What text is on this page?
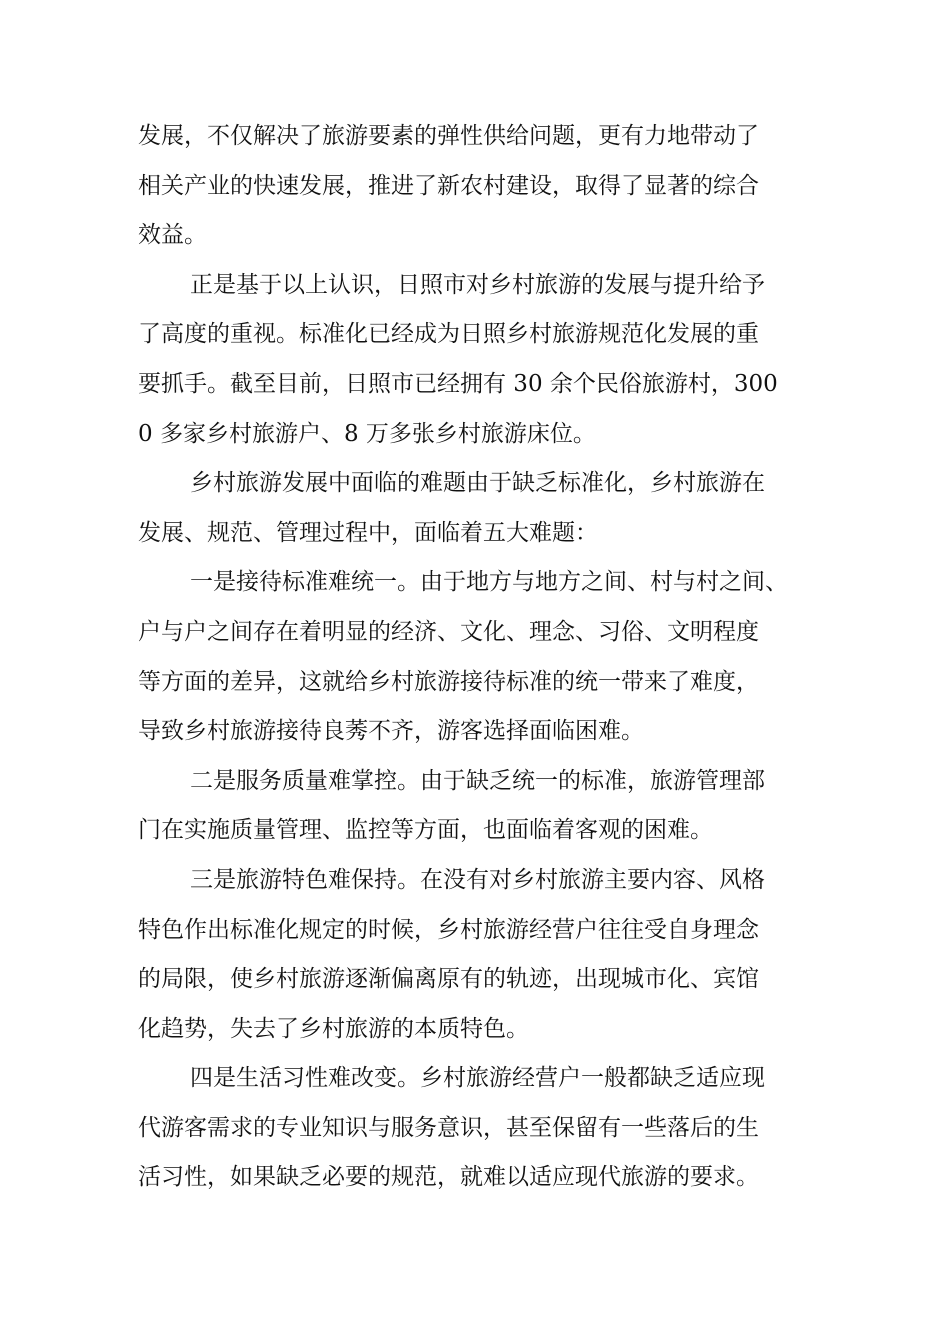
发展，不仅解决了旅游要素的弹性供给问题，更有力地带动了
相关产业的快速发展，推进了新农村建设，取得了显著的综合
效益。
正是基于以上认识，日照市对乡村旅游的发展与提升给予
了高度的重视。标准化已经成为日照乡村旅游规范化发展的重
要抓手。截至目前，日照市已经拥有 30 余个民俗旅游村，300
0 多家乡村旅游户、8 万多张乡村旅游床位。
乡村旅游发展中面临的难题由于缺乏标准化，乡村旅游在
发展、规范、管理过程中，面临着五大难题：
一是接待标准难统一。由于地方与地方之间、村与村之间、
户与户之间存在着明显的经济、文化、理念、习俗、文明程度
等方面的差异，这就给乡村旅游接待标准的统一带来了难度，
导致乡村旅游接待良莠不齐，游客选择面临困难。
二是服务质量难掌控。由于缺乏统一的标准，旅游管理部
门在实施质量管理、监控等方面，也面临着客观的困难。
三是旅游特色难保持。在没有对乡村旅游主要内容、风格
特色作出标准化规定的时候，乡村旅游经营户往往受自身理念
的局限，使乡村旅游逐渐偏离原有的轨迹，出现城市化、宾馆
化趋势，失去了乡村旅游的本质特色。
四是生活习性难改变。乡村旅游经营户一般都缺乏适应现
代游客需求的专业知识与服务意识，甚至保留有一些落后的生
活习性，如果缺乏必要的规范，就难以适应现代旅游的要求。
